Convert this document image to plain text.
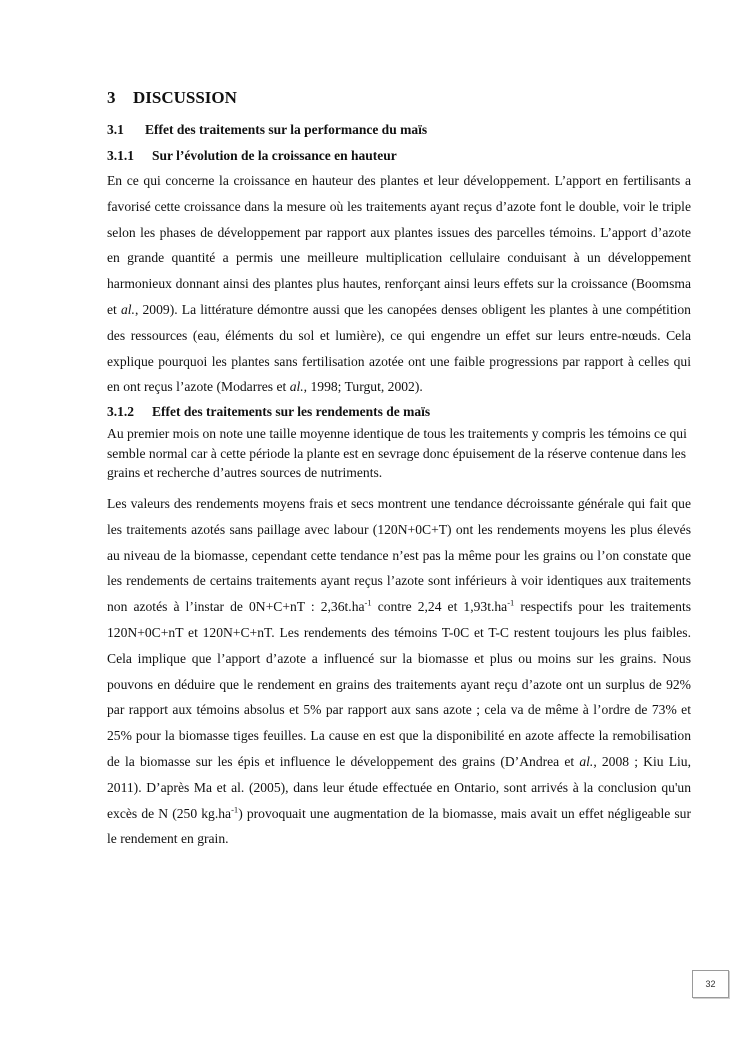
3 DISCUSSION
3.1 Effet des traitements sur la performance du maïs
3.1.1 Sur l’évolution de la croissance en hauteur

En ce qui concerne la croissance en hauteur des plantes et leur développement. L’apport en fertilisants a favorisé cette croissance dans la mesure où les traitements ayant reçus d’azote font le double, voir le triple selon les phases de développement par rapport aux plantes issues des parcelles témoins. L’apport d’azote en grande quantité a permis une meilleure multiplication cellulaire conduisant à un développement harmonieux donnant ainsi des plantes plus hautes, renforçant ainsi leurs effets sur la croissance (Boomsma et al., 2009). La littérature démontre aussi que les canopées denses obligent les plantes à une compétition des ressources (eau, éléments du sol et lumière), ce qui engendre un effet sur leurs entre-nœuds. Cela explique pourquoi les plantes sans fertilisation azotée ont une faible progressions par rapport à celles qui en ont reçus l’azote (Modarres et al., 1998; Turgut, 2002).

3.1.2 Effet des traitements sur les rendements de maïs

Au premier mois on note une taille moyenne identique de tous les traitements y compris les témoins ce qui semble normal car à cette période la plante est en sevrage donc épuisement de la réserve contenue dans les grains et recherche d’autres sources de nutriments.

Les valeurs des rendements moyens frais et secs montrent une tendance décroissante générale qui fait que les traitements azotés sans paillage avec labour (120N+0C+T) ont les rendements moyens les plus élevés au niveau de la biomasse, cependant cette tendance n’est pas la même pour les grains ou l’on constate que les rendements de certains traitements ayant reçus l’azote sont inférieurs à voir identiques aux traitements non azotés à l’instar de 0N+C+nT : $2,36t.ha^{-1}$ contre 2,24 et $1,93t.ha^{-1}$ respectifs pour les traitements 120N+0C+nT et 120N+C+nT. Les rendements des témoins T-0C et T-C restent toujours les plus faibles. Cela implique que l’apport d’azote a influencé sur la biomasse et plus ou moins sur les grains. Nous pouvons en déduire que le rendement en grains des traitements ayant reçu d’azote ont un surplus de 92% par rapport aux témoins absolus et 5% par rapport aux sans azote ; cela va de même à l’ordre de 73% et 25% pour la biomasse tiges feuilles. La cause en est que la disponibilité en azote affecte la remobilisation de la biomasse sur les épis et influence le développement des grains (D’Andrea et al., 2008 ; Kiu Liu, 2011). D’après Ma et al. (2005), dans leur étude effectuée en Ontario, sont arrivés à la conclusion qu'un excès de N (250 $kg.ha^{-1}$) provoquait une augmentation de la biomasse, mais avait un effet négligeable sur le rendement en grain.

32
